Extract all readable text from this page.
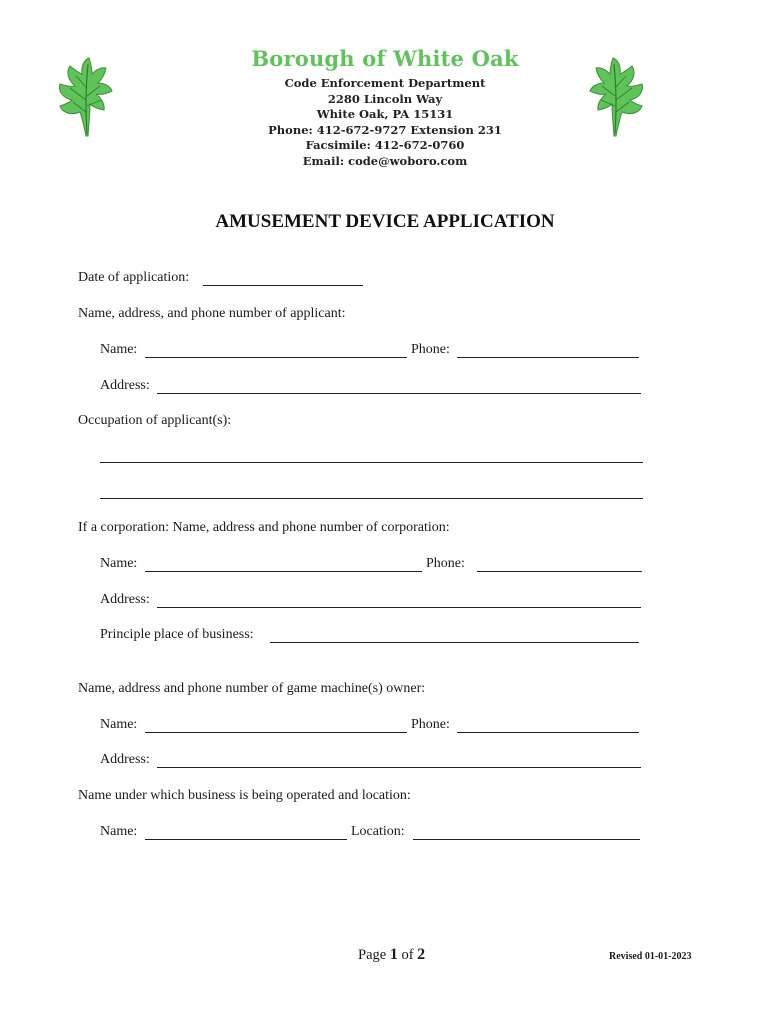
Borough of White Oak
Code Enforcement Department
2280 Lincoln Way
White Oak, PA 15131
Phone: 412-672-9727 Extension 231
Facsimile: 412-672-0760
Email: code@woboro.com
AMUSEMENT DEVICE APPLICATION
Date of application:
Name, address, and phone number of applicant:
Name:	Phone:
Address:
Occupation of applicant(s):
If a corporation: Name, address and phone number of corporation:
Name:	Phone:
Address:
Principle place of business:
Name, address and phone number of game machine(s) owner:
Name:	Phone:
Address:
Name under which business is being operated and location:
Name:	Location:
Page 1 of 2	Revised 01-01-2023
